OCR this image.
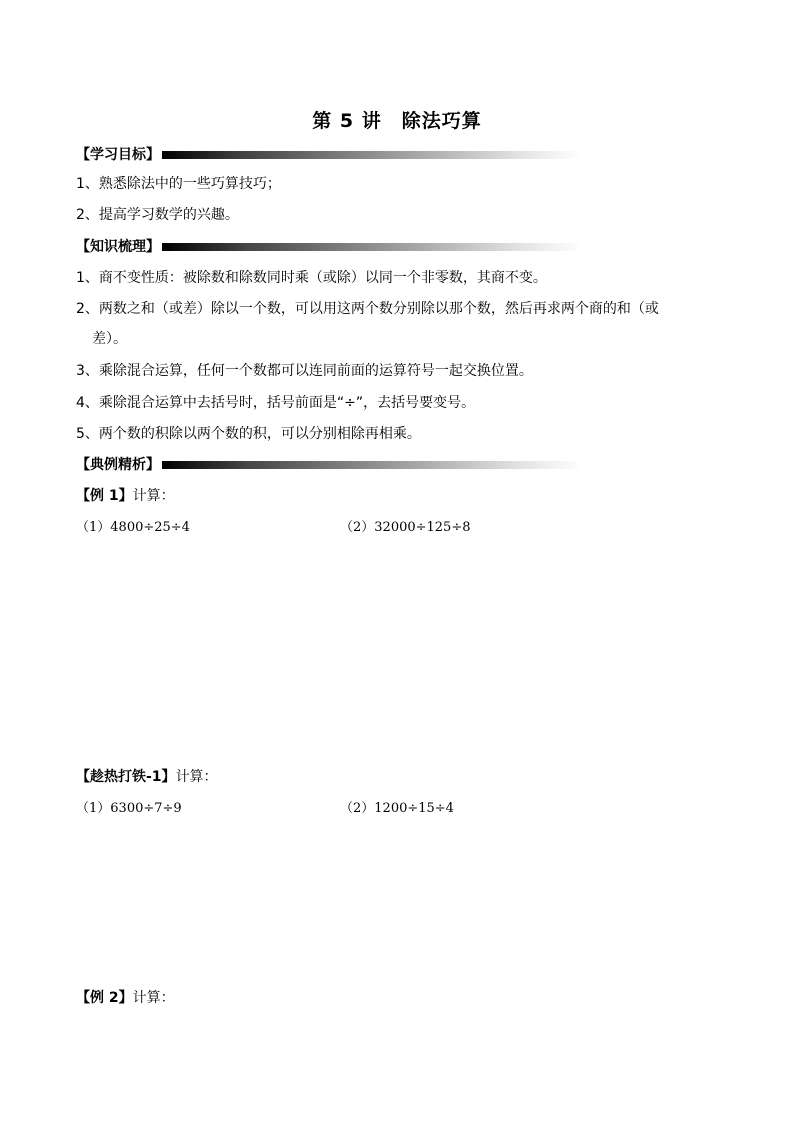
第 5 讲　除法巧算
【学习目标】
1、熟悉除法中的一些巧算技巧；
2、提高学习数学的兴趣。
【知识梳理】
1、商不变性质：被除数和除数同时乘（或除）以同一个非零数，其商不变。
2、两数之和（或差）除以一个数，可以用这两个数分别除以那个数，然后再求两个商的和（或
差）。
3、乘除混合运算，任何一个数都可以连同前面的运算符号一起交换位置。
4、乘除混合运算中去括号时，括号前面是“÷”，去括号要变号。
5、两个数的积除以两个数的积，可以分别相除再相乘。
【典例精析】
【例 1】计算：
（1）4800÷25÷4	（2）32000÷125÷8
【趁热打铁-1】计算：
（1）6300÷7÷9	（2）1200÷15÷4
【例 2】计算：
